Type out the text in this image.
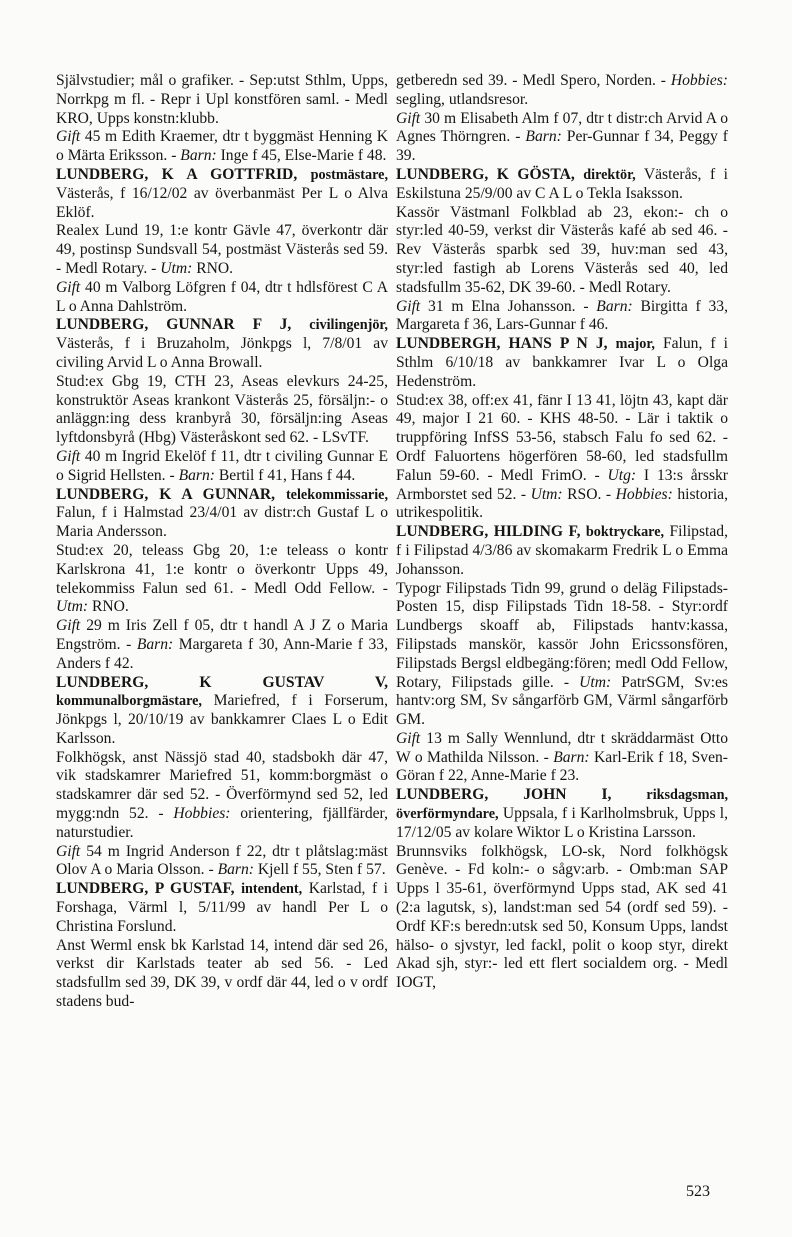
Självstudier; mål o grafiker. - Sep:utst Sthlm, Upps, Norrkpg m fl. - Repr i Upl konstfören saml. - Medl KRO, Upps konstn:klubb.

Gift 45 m Edith Kraemer, dtr t byggmäst Henning K o Märta Eriksson. - Barn: Inge f 45, Else-Marie f 48.

LUNDBERG, K A GOTTFRID, postmästare, Västerås, f 16/12/02 av överbanmäst Per L o Alva Eklöf.

Realex Lund 19, 1:e kontr Gävle 47, överkontr där 49, postinsp Sundsvall 54, postmäst Västerås sed 59. - Medl Rotary. - Utm: RNO.

Gift 40 m Valborg Löfgren f 04, dtr t hdlsförest C A L o Anna Dahlström.

LUNDBERG, GUNNAR F J, civilingenjör, Västerås, f i Bruzaholm, Jönkpgs l, 7/8/01 av civiling Arvid L o Anna Browall.

Stud:ex Gbg 19, CTH 23, Aseas elevkurs 24-25, konstruktör Aseas krankont Västerås 25, försäljn:- o anläggn:ing dess kranbyrå 30, försäljn:ing Aseas lyftdonsbyrå (Hbg) Västeråskont sed 62. - LSvTF.

Gift 40 m Ingrid Ekelöf f 11, dtr t civiling Gunnar E o Sigrid Hellsten. - Barn: Bertil f 41, Hans f 44.

LUNDBERG, K A GUNNAR, telekommissarie, Falun, f i Halmstad 23/4/01 av distr:ch Gustaf L o Maria Andersson.

Stud:ex 20, teleass Gbg 20, 1:e teleass o kontr Karlskrona 41, 1:e kontr o överkontr Upps 49, telekommiss Falun sed 61. - Medl Odd Fellow. - Utm: RNO.

Gift 29 m Iris Zell f 05, dtr t handl A J Z o Maria Engström. - Barn: Margareta f 30, Ann-Marie f 33, Anders f 42.

LUNDBERG, K GUSTAV V, kommunalborgmästare, Mariefred, f i Forserum, Jönkpgs l, 20/10/19 av bankkamrer Claes L o Edit Karlsson.

Folkhögsk, anst Nässjö stad 40, stadsbokh där 47, vik stadskamrer Mariefred 51, komm:borgmäst o stadskamrer där sed 52. - Överförmynd sed 52, led mygg:ndn 52. - Hobbies: orientering, fjällfärder, naturstudier.

Gift 54 m Ingrid Anderson f 22, dtr t plåtslag:mäst Olov A o Maria Olsson. - Barn: Kjell f 55, Sten f 57.

LUNDBERG, P GUSTAF, intendent, Karlstad, f i Forshaga, Värml l, 5/11/99 av handl Per L o Christina Forslund.

Anst Werml ensk bk Karlstad 14, intend där sed 26, verkst dir Karlstads teater ab sed 56. - Led stadsfullm sed 39, DK 39, v ordf där 44, led o v ordf stadens bud-

getberedn sed 39. - Medl Spero, Norden. - Hobbies: segling, utlandsresor.

Gift 30 m Elisabeth Alm f 07, dtr t distr:ch Arvid A o Agnes Thörngren. - Barn: Per-Gunnar f 34, Peggy f 39.

LUNDBERG, K GÖSTA, direktör, Västerås, f i Eskilstuna 25/9/00 av C A L o Tekla Isaksson.

Kassör Västmanl Folkblad ab 23, ekon:- ch o styr:led 40-59, verkst dir Västerås kafé ab sed 46. - Rev Västerås sparbk sed 39, huv:man sed 43, styr:led fastigh ab Lorens Västerås sed 40, led stadsfullm 35-62, DK 39-60. - Medl Rotary.

Gift 31 m Elna Johansson. - Barn: Birgitta f 33, Margareta f 36, Lars-Gunnar f 46.

LUNDBERGH, HANS P N J, major, Falun, f i Sthlm 6/10/18 av bankkamrer Ivar L o Olga Hedenström.

Stud:ex 38, off:ex 41, fänr I 13 41, löjtn 43, kapt där 49, major I 21 60. - KHS 48-50. - Lär i taktik o truppföring InfSS 53-56, stabsch Falu fo sed 62. - Ordf Faluortens högerfören 58-60, led stadsfullm Falun 59-60. - Medl FrimO. - Utg: I 13:s årsskr Armborstet sed 52. - Utm: RSO. - Hobbies: historia, utrikespolitik.

LUNDBERG, HILDING F, boktryckare, Filipstad, f i Filipstad 4/3/86 av skomakarm Fredrik L o Emma Johansson.

Typogr Filipstads Tidn 99, grund o deläg Filipstads-Posten 15, disp Filipstads Tidn 18-58. - Styr:ordf Lundbergs skoaff ab, Filipstads hantv:kassa, Filipstads manskör, kassör John Ericssonsfören, Filipstads Bergsl eldbegäng:fören; medl Odd Fellow, Rotary, Filipstads gille. - Utm: PatrSGM, Sv:es hantv:org SM, Sv sångarförb GM, Värml sångarförb GM.

Gift 13 m Sally Wennlund, dtr t skräddarmäst Otto W o Mathilda Nilsson. - Barn: Karl-Erik f 18, Sven-Göran f 22, Anne-Marie f 23.

LUNDBERG, JOHN I, riksdagsman, överförmyndare, Uppsala, f i Karlholmsbruk, Upps l, 17/12/05 av kolare Wiktor L o Kristina Larsson.

Brunnsviks folkhögsk, LO-sk, Nord folkhögsk Genève. - Fd koln:- o sågv:arb. - Omb:man SAP Upps l 35-61, överförmynd Upps stad, AK sed 41 (2:a lagutsk, s), landst:man sed 54 (ordf sed 59). - Ordf KF:s beredn:utsk sed 50, Konsum Upps, landst hälso- o sjvstyr, led fackl, polit o koop styr, direkt Akad sjh, styr:- led ett flert socialdem org. - Medl IOGT,

523
